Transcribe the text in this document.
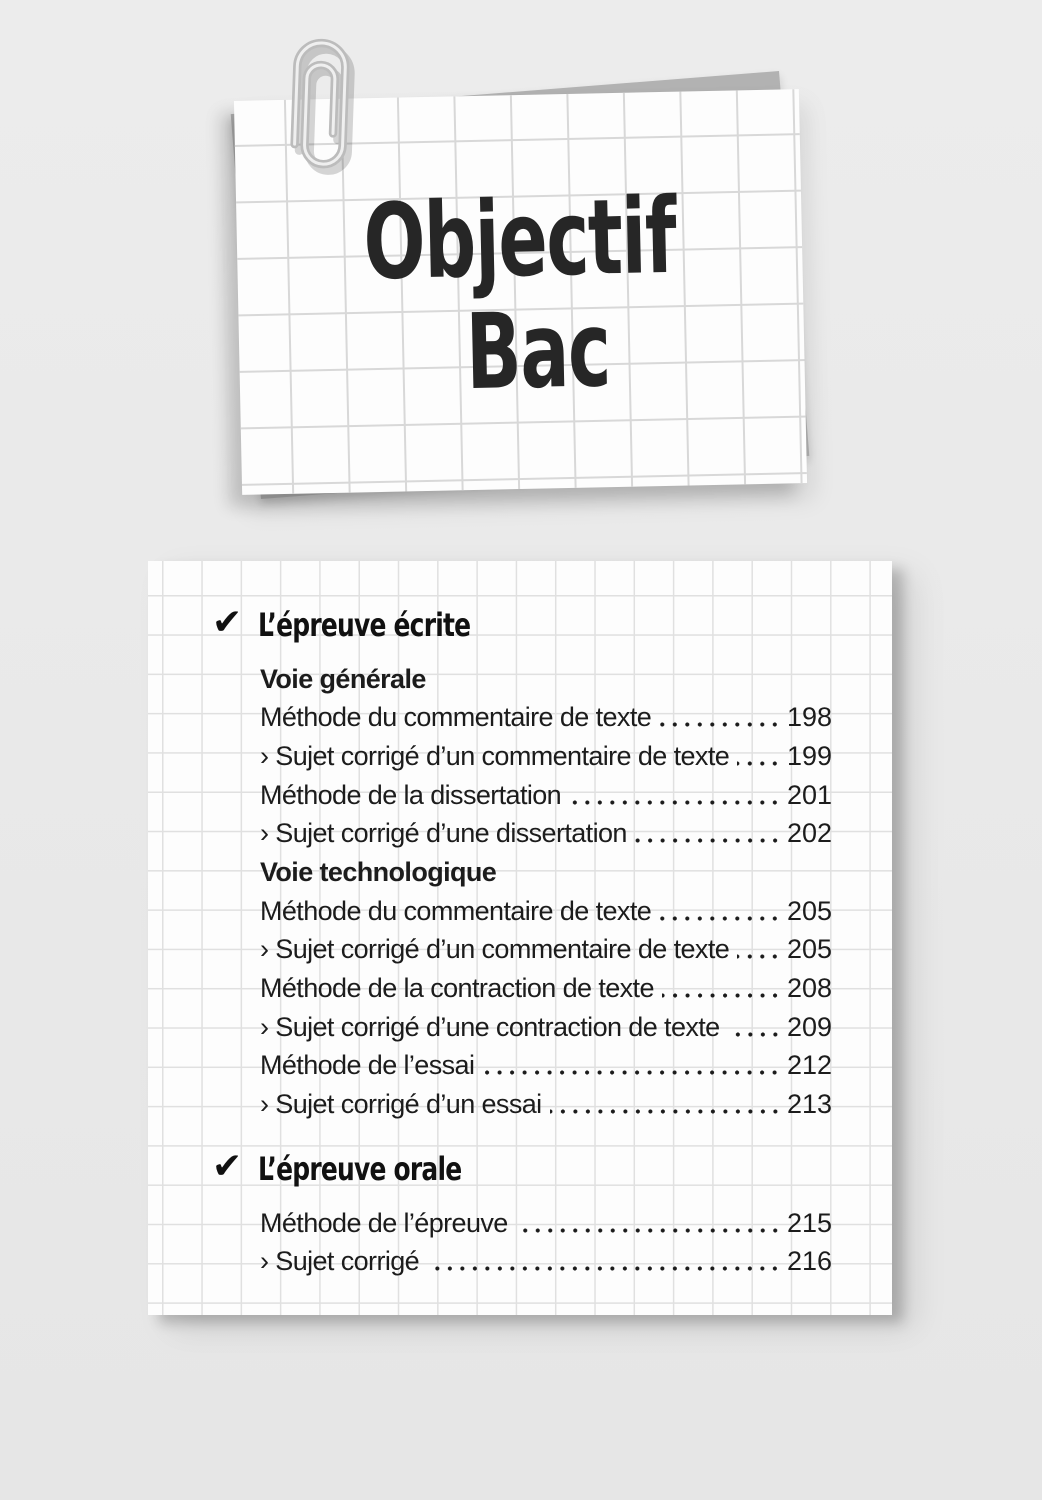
Objectif
Bac
✔ L’épreuve écrite
Voie générale
Méthode du commentaire de texte	198
› Sujet corrigé d’un commentaire de texte 199
Méthode de la dissertation	201
› Sujet corrigé d’une dissertation	202
Voie technologique
Méthode du commentaire de texte	205
› Sujet corrigé d’un commentaire de texte 205
Méthode de la contraction de texte	208
› Sujet corrigé d’une contraction de texte 209
Méthode de l’essai	212
› Sujet corrigé d’un essai	213
✔ L’épreuve orale
Méthode de l’épreuve	215
› Sujet corrigé	216
